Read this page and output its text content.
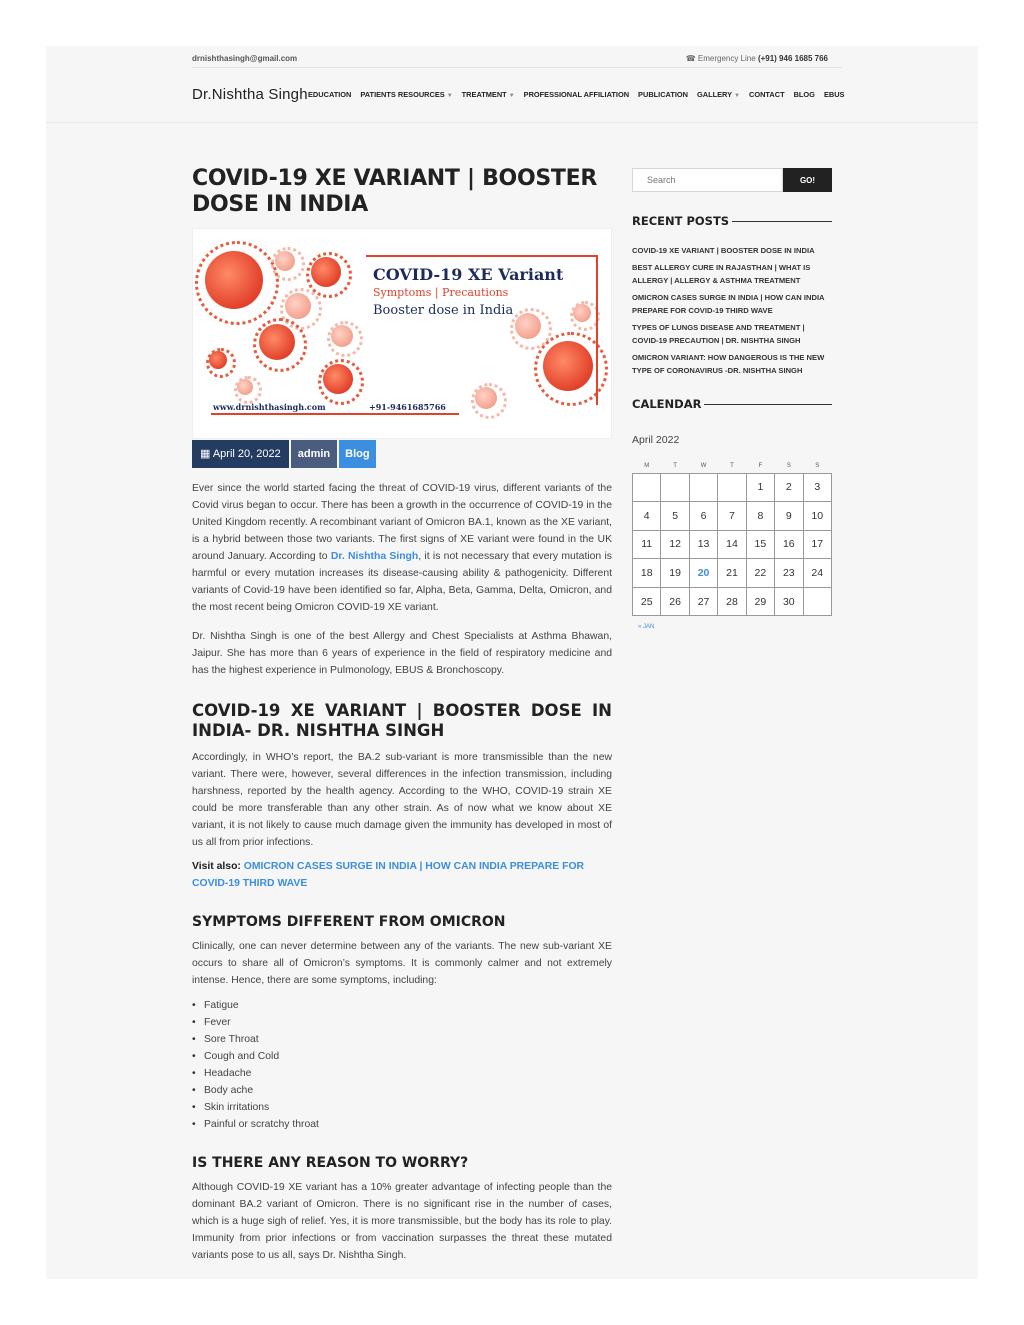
drnishthasingh@gmail.com	☎ Emergency Line (+91) 946 1685 766
Dr.Nishtha Singh EDUCATION PATIENTS RESOURCES ▼ TREATMENT ▼ PROFESSIONAL AFFILIATION PUBLICATION GALLERY ▼ CONTACT BLOG EBUS
COVID-19 XE VARIANT | BOOSTER DOSE IN INDIA
COVID-19 XE Variant
Symptoms | Precautions
Booster dose in India
www.drnishthasingh.com	+91-9461685766
▦ April 20, 2022	admin	Blog

Ever since the world started facing the threat of COVID-19 virus, different variants of the Covid virus began to occur. There has been a growth in the occurrence of COVID-19 in the United Kingdom recently. A recombinant variant of Omicron BA.1, known as the XE variant, is a hybrid between those two variants. The first signs of XE variant were found in the UK around January. According to Dr. Nishtha Singh, it is not necessary that every mutation is harmful or every mutation increases its disease-causing ability & pathogenicity. Different variants of Covid-19 have been identified so far, Alpha, Beta, Gamma, Delta, Omicron, and the most recent being Omicron COVID-19 XE variant.

Dr. Nishtha Singh is one of the best Allergy and Chest Specialists at Asthma Bhawan, Jaipur. She has more than 6 years of experience in the field of respiratory medicine and has the highest experience in Pulmonology, EBUS & Bronchoscopy.

COVID-19 XE VARIANT | BOOSTER DOSE IN INDIA- DR. NISHTHA SINGH

Accordingly, in WHO’s report, the BA.2 sub-variant is more transmissible than the new variant. There were, however, several differences in the infection transmission, including harshness, reported by the health agency. According to the WHO, COVID-19 strain XE could be more transferable than any other strain. As of now what we know about XE variant, it is not likely to cause much damage given the immunity has developed in most of us all from prior infections.

Visit also: OMICRON CASES SURGE IN INDIA | HOW CAN INDIA PREPARE FOR COVID-19 THIRD WAVE
SYMPTOMS DIFFERENT FROM OMICRON

Clinically, one can never determine between any of the variants. The new sub-variant XE occurs to share all of Omicron’s symptoms. It is commonly calmer and not extremely intense. Hence, there are some symptoms, including:

• Fatigue
• Fever
• Sore Throat
• Cough and Cold
• Headache
• Body ache
• Skin irritations
• Painful or scratchy throat
IS THERE ANY REASON TO WORRY?

Although COVID-19 XE variant has a 10% greater advantage of infecting people than the dominant BA.2 variant of Omicron. There is no significant rise in the number of cases, which is a huge sigh of relief. Yes, it is more transmissible, but the body has its role to play. Immunity from prior infections or from vaccination surpasses the threat these mutated variants pose to us all, says Dr. Nishtha Singh.

Search
GO!
RECENT POSTS
COVID-19 XE VARIANT | BOOSTER DOSE IN INDIA
BEST ALLERGY CURE IN RAJASTHAN | WHAT IS ALLERGY | ALLERGY & ASTHMA TREATMENT
OMICRON CASES SURGE IN INDIA | HOW CAN INDIA PREPARE FOR COVID-19 THIRD WAVE
TYPES OF LUNGS DISEASE AND TREATMENT | COVID-19 PRECAUTION | DR. NISHTHA SINGH
OMICRON VARIANT: HOW DANGEROUS IS THE NEW TYPE OF CORONAVIRUS -DR. NISHTHA SINGH
CALENDAR
April 2022
M	T	W	T	F	S	S
				1	2	3
4	5	6	7	8	9	10
11	12	13	14	15	16	17
18	19	20	21	22	23	24
25	26	27	28	29	30	
« JAN
